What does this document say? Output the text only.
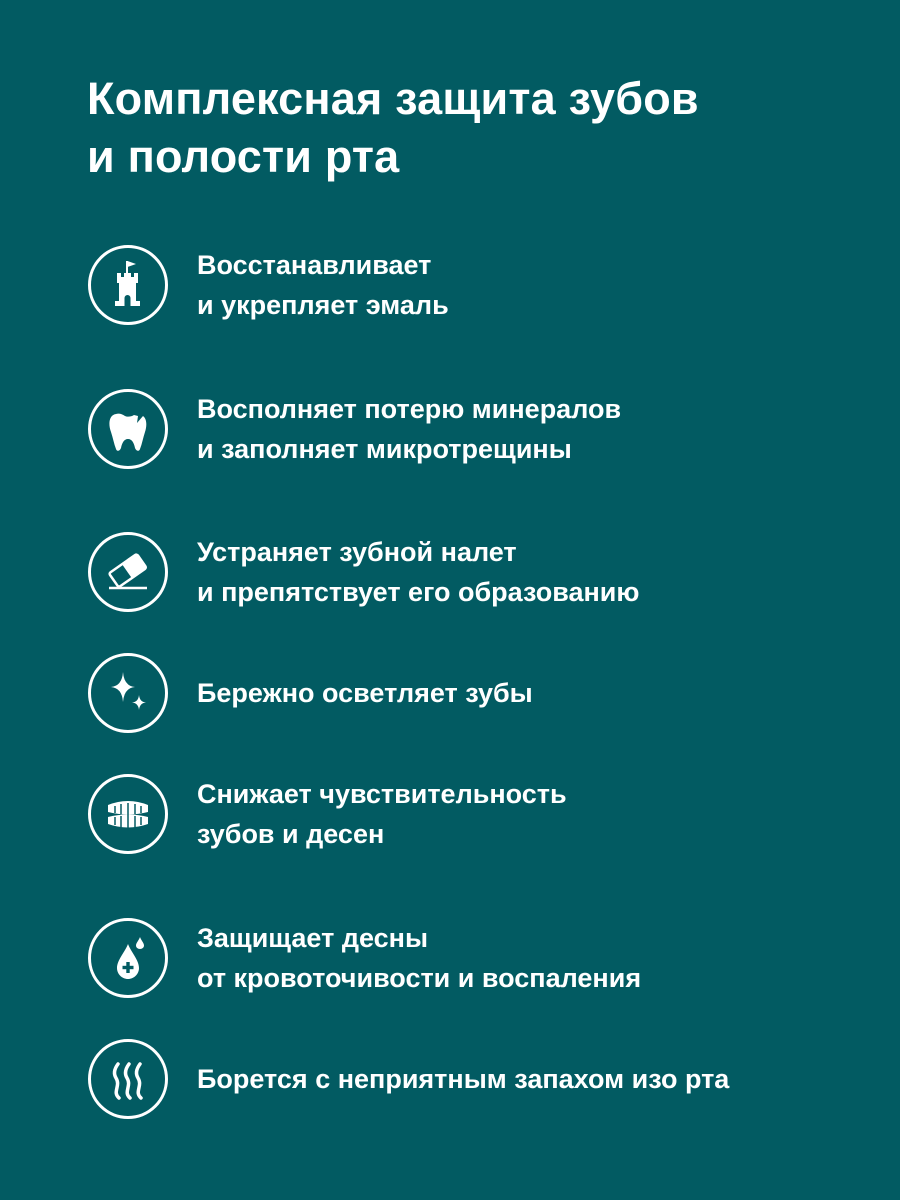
Комплексная защита зубов
и полости рта
Восстанавливает
и укрепляет эмаль
Восполняет потерю минералов
и заполняет микротрещины
Устраняет зубной налет
и препятствует его образованию
Бережно осветляет зубы
Снижает чувствительность
зубов и десен
Защищает десны
от кровоточивости и воспаления
Борется с неприятным запахом изо рта
